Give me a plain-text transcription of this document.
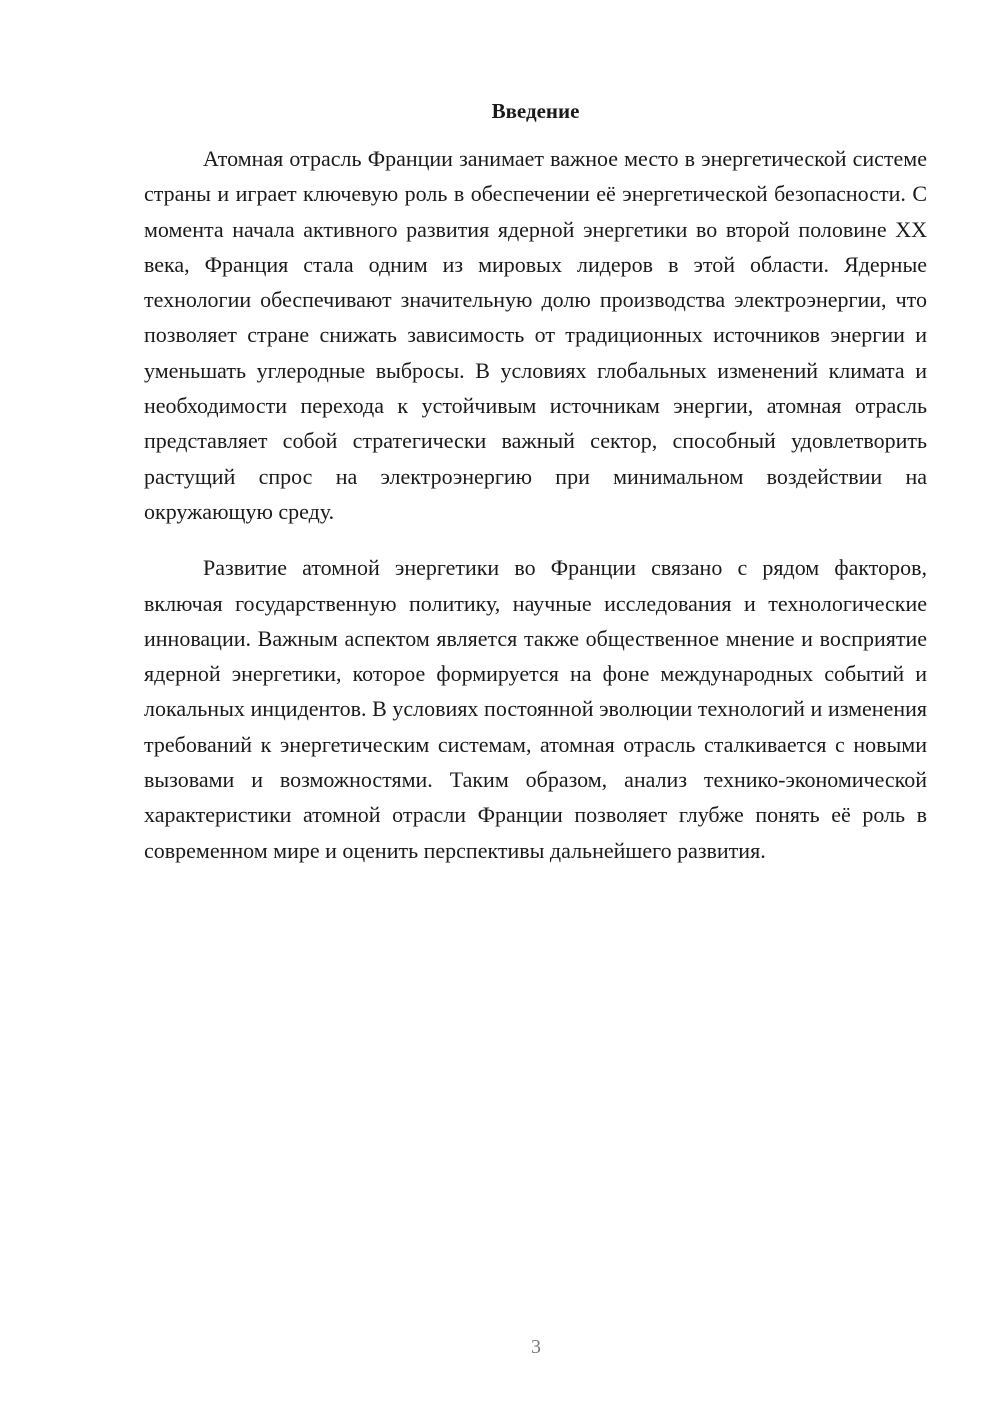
Введение

Атомная отрасль Франции занимает важное место в энергетической системе страны и играет ключевую роль в обеспечении её энергетической безопасности. С момента начала активного развития ядерной энергетики во второй половине XX века, Франция стала одним из мировых лидеров в этой области. Ядерные технологии обеспечивают значительную долю производства электроэнергии, что позволяет стране снижать зависимость от традиционных источников энергии и уменьшать углеродные выбросы. В условиях глобальных изменений климата и необходимости перехода к устойчивым источникам энергии, атомная отрасль представляет собой стратегически важный сектор, способный удовлетворить растущий спрос на электроэнергию при минимальном воздействии на окружающую среду.

Развитие атомной энергетики во Франции связано с рядом факторов, включая государственную политику, научные исследования и технологические инновации. Важным аспектом является также общественное мнение и восприятие ядерной энергетики, которое формируется на фоне международных событий и локальных инцидентов. В условиях постоянной эволюции технологий и изменения требований к энергетическим системам, атомная отрасль сталкивается с новыми вызовами и возможностями. Таким образом, анализ технико-экономической характеристики атомной отрасли Франции позволяет глубже понять её роль в современном мире и оценить перспективы дальнейшего развития.

3
